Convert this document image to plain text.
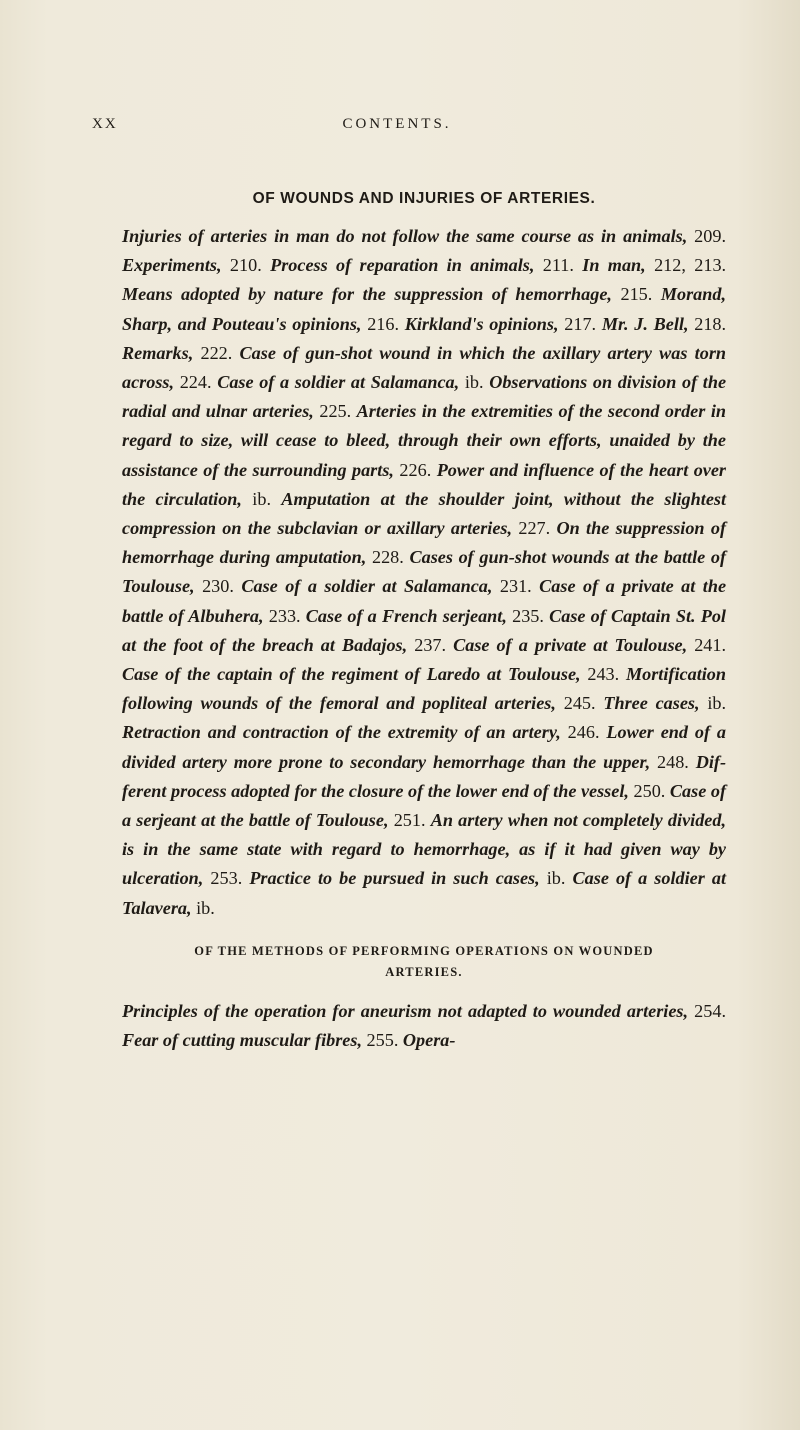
XX	CONTENTS.
OF WOUNDS AND INJURIES OF ARTERIES.

Injuries of arteries in man do not follow the same course as in animals, 209. Experiments, 210. Process of reparation in animals, 211. In man, 212, 213. Means adopted by nature for the suppression of hemorrhage, 215. Morand, Sharp, and Pouteau's opinions, 216. Kirkland's opinions, 217. Mr. J. Bell, 218. Remarks, 222. Case of gun-shot wound in which the axillary artery was torn across, 224. Case of a soldier at Salamanca, ib. Observations on division of the radial and ulnar arteries, 225. Arteries in the extremities of the second order in regard to size, will cease to bleed, through their own efforts, unaided by the assistance of the surrounding parts, 226. Power and influence of the heart over the circulation, ib. Amputation at the shoulder joint, without the slightest compression on the subclavian or axillary arteries, 227. On the suppression of hemorrhage during amputation, 228. Cases of gun-shot wounds at the battle of Toulouse, 230. Case of a soldier at Salamanca, 231. Case of a private at the battle of Albuhera, 233. Case of a French serjeant, 235. Case of Captain St. Pol at the foot of the breach at Badajos, 237. Case of a private at Toulouse, 241. Case of the captain of the regiment of Laredo at Toulouse, 243. Mortification following wounds of the femoral and popliteal arteries, 245. Three cases, ib. Retraction and contraction of the extremity of an artery, 246. Lower end of a divided artery more prone to secondary hemorrhage than the upper, 248. Different process adopted for the closure of the lower end of the vessel, 250. Case of a serjeant at the battle of Toulouse, 251. An artery when not completely divided, is in the same state with regard to hemorrhage, as if it had given way by ulceration, 253. Practice to be pursued in such cases, ib. Case of a soldier at Talavera, ib.

OF THE METHODS OF PERFORMING OPERATIONS ON WOUNDED
ARTERIES.

Principles of the operation for aneurism not adapted to wounded arteries, 254. Fear of cutting muscular fibres, 255. Opera-
